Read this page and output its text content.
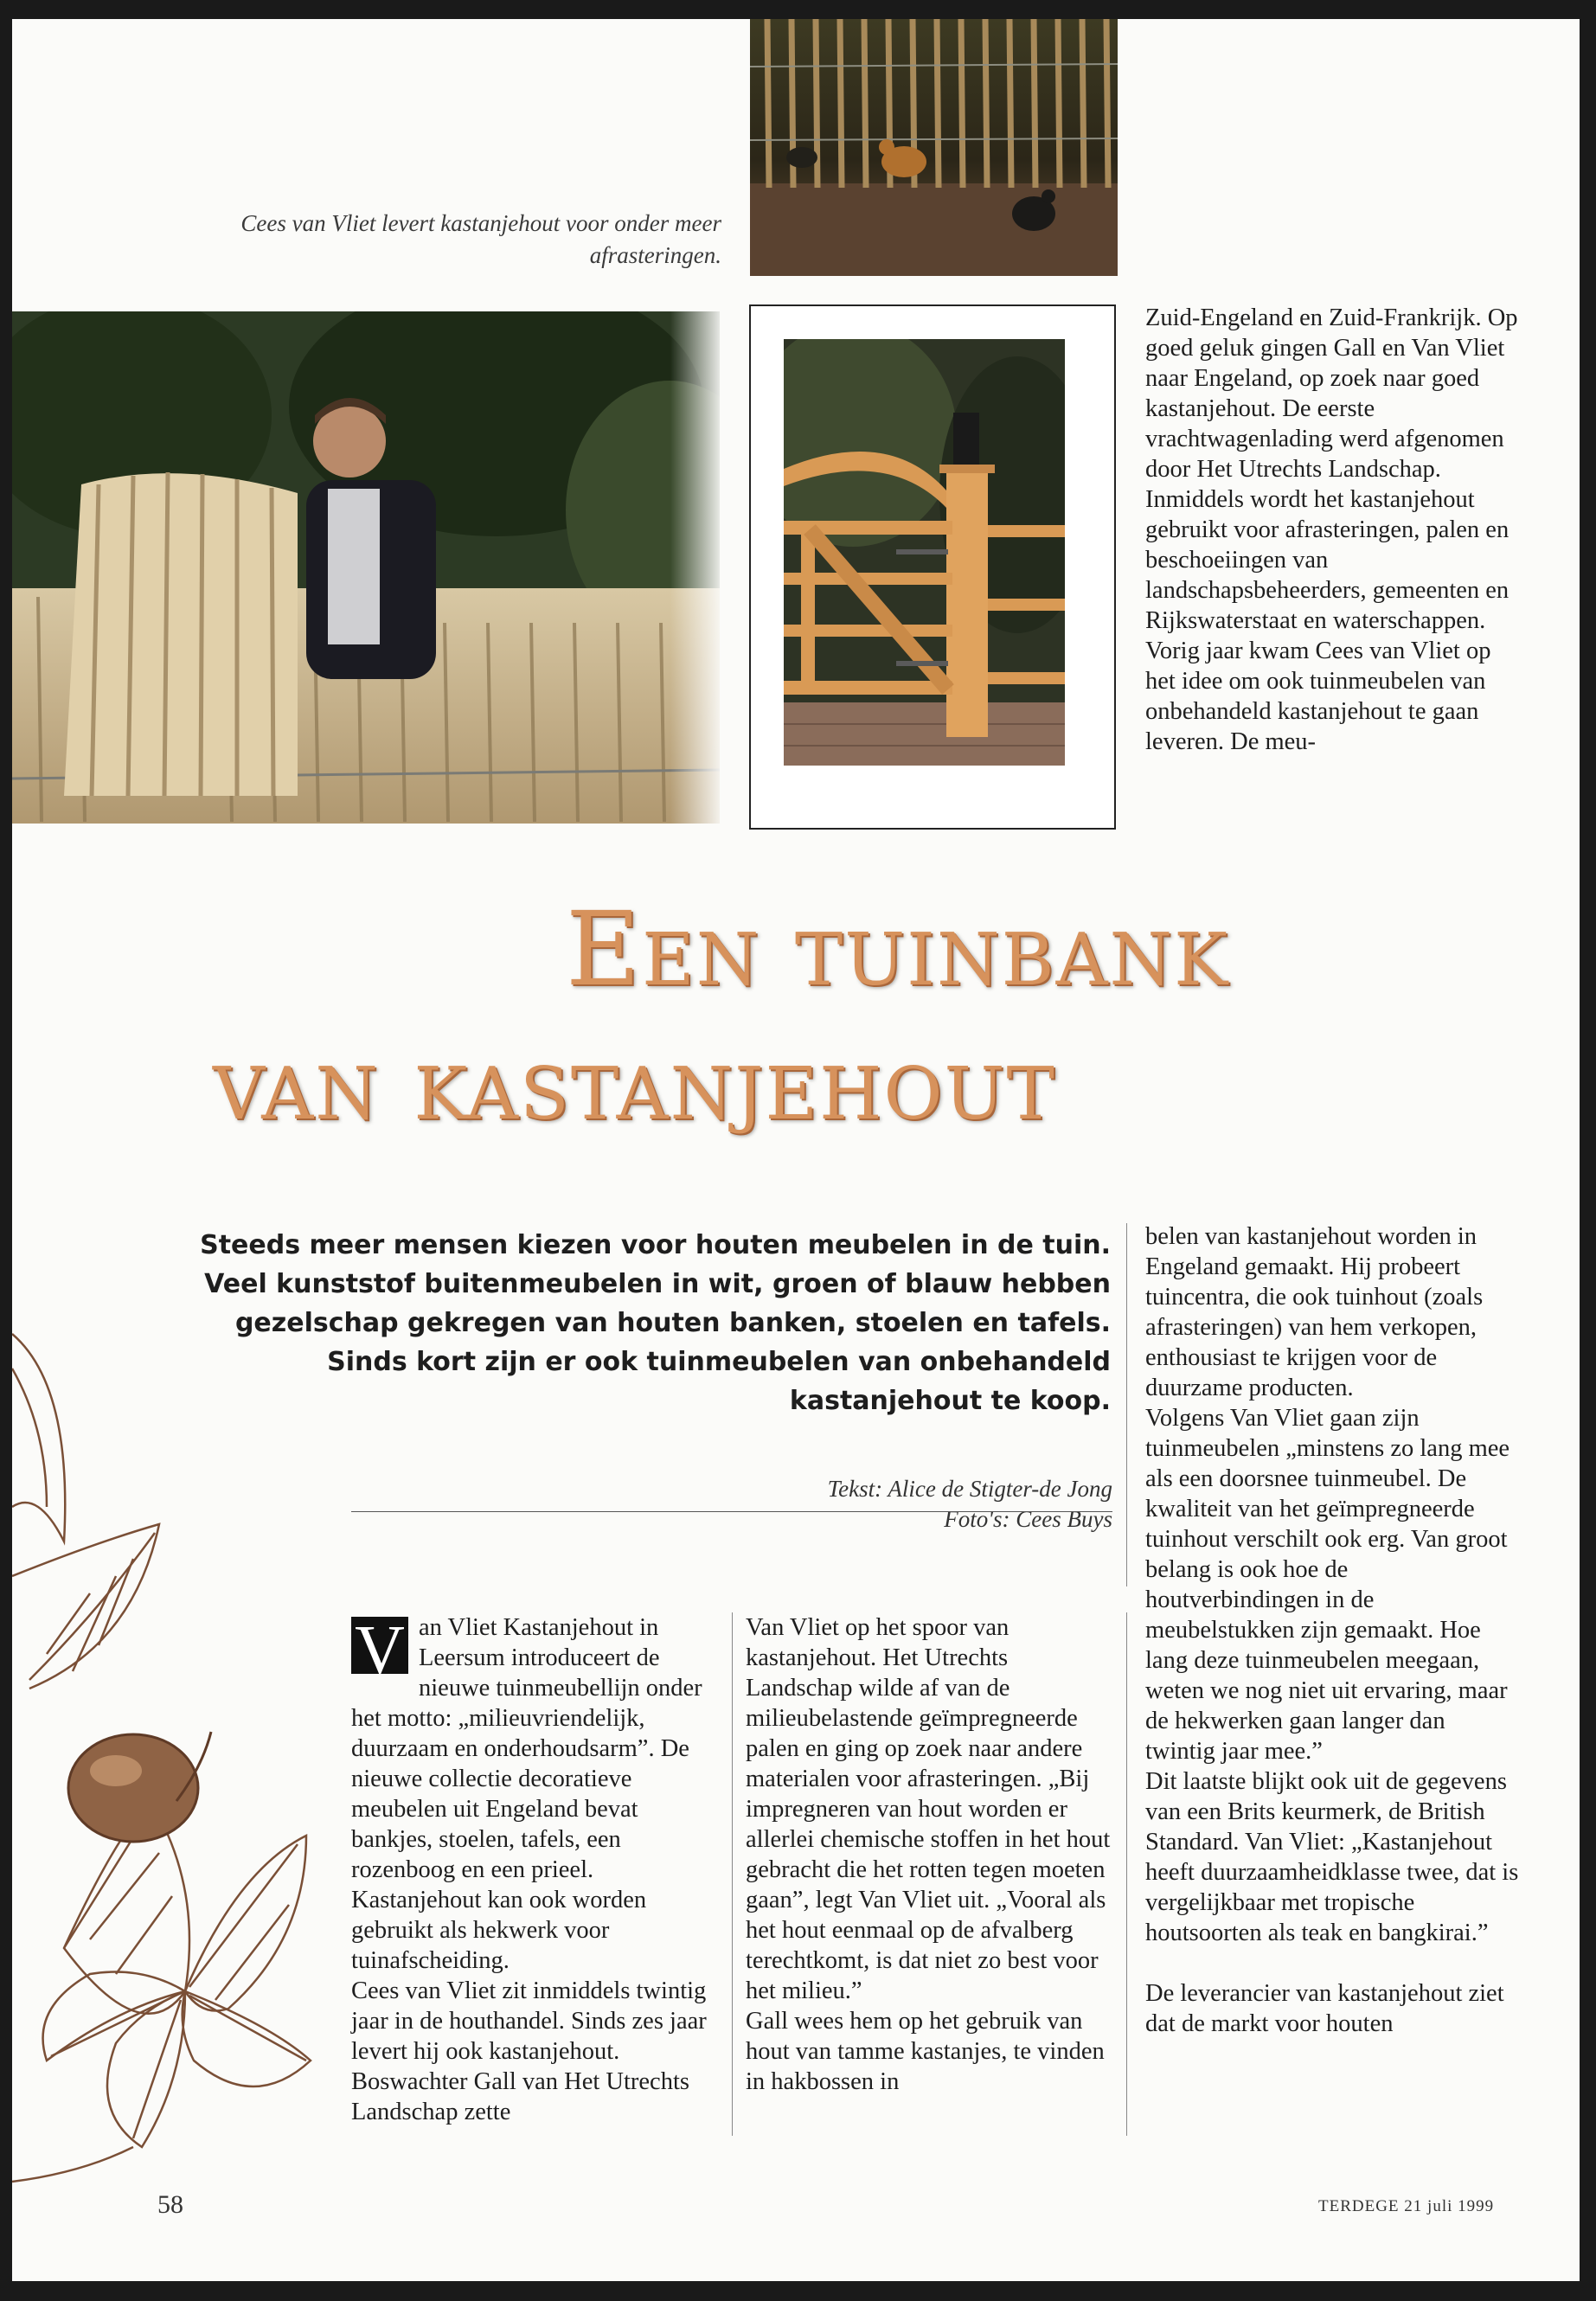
Cees van Vliet levert kastanjehout voor onder meer afrasteringen.

Zuid-Engeland en Zuid-Frankrijk. Op goed geluk gingen Gall en Van Vliet naar Engeland, op zoek naar goed kastanjehout. De eerste vrachtwagenlading werd afgenomen door Het Utrechts Landschap. Inmiddels wordt het kastanjehout gebruikt voor afrasteringen, palen en beschoeiingen van landschapsbeheerders, gemeenten en Rijkswaterstaat en waterschappen.

Vorig jaar kwam Cees van Vliet op het idee om ook tuinmeubelen van onbehandeld kastanjehout te gaan leveren. De meu-

Een tuinbank
van kastanjehout
Steeds meer mensen kiezen voor houten meubelen in de tuin. Veel kunststof buitenmeubelen in wit, groen of blauw hebben gezelschap gekregen van houten banken, stoelen en tafels. Sinds kort zijn er ook tuinmeubelen van onbehandeld kastanjehout te koop.
Tekst: Alice de Stigter-de Jong
Foto's: Cees Buys

belen van kastanjehout worden in Engeland gemaakt. Hij probeert tuincentra, die ook tuinhout (zoals afrasteringen) van hem verkopen, enthousiast te krijgen voor de duurzame producten.

Volgens Van Vliet gaan zijn tuinmeubelen „minstens zo lang mee als een doorsnee tuinmeubel. De kwaliteit van het geïmpregneerde tuinhout verschilt ook erg. Van groot belang is ook hoe de houtverbindingen in de meubelstukken zijn gemaakt. Hoe lang deze tuinmeubelen meegaan, weten we nog niet uit ervaring, maar de hekwerken gaan langer dan twintig jaar mee.”

Dit laatste blijkt ook uit de gegevens van een Brits keurmerk, de British Standard. Van Vliet: „Kastanjehout heeft duurzaamheidklasse twee, dat is vergelijkbaar met tropische houtsoorten als teak en bangkirai.”

De leverancier van kastanjehout ziet dat de markt voor houten

V an Vliet Kastanjehout in Leersum introduceert de nieuwe tuinmeubellijn onder het motto: „milieuvriendelijk, duurzaam en onderhoudsarm”. De nieuwe collectie decoratieve meubelen uit Engeland bevat bankjes, stoelen, tafels, een rozenboog en een prieel. Kastanjehout kan ook worden gebruikt als hekwerk voor tuinafscheiding.

Cees van Vliet zit inmiddels twintig jaar in de houthandel. Sinds zes jaar levert hij ook kastanjehout. Boswachter Gall van Het Utrechts Landschap zette

Van Vliet op het spoor van kastanjehout. Het Utrechts Landschap wilde af van de milieubelastende geïmpregneerde palen en ging op zoek naar andere materialen voor afrasteringen. „Bij impregneren van hout worden er allerlei chemische stoffen in het hout gebracht die het rotten tegen moeten gaan”, legt Van Vliet uit. „Vooral als het hout eenmaal op de afvalberg terechtkomt, is dat niet zo best voor het milieu.”

Gall wees hem op het gebruik van hout van tamme kastanjes, te vinden in hakbossen in

58	TERDEGE 21 juli 1999
